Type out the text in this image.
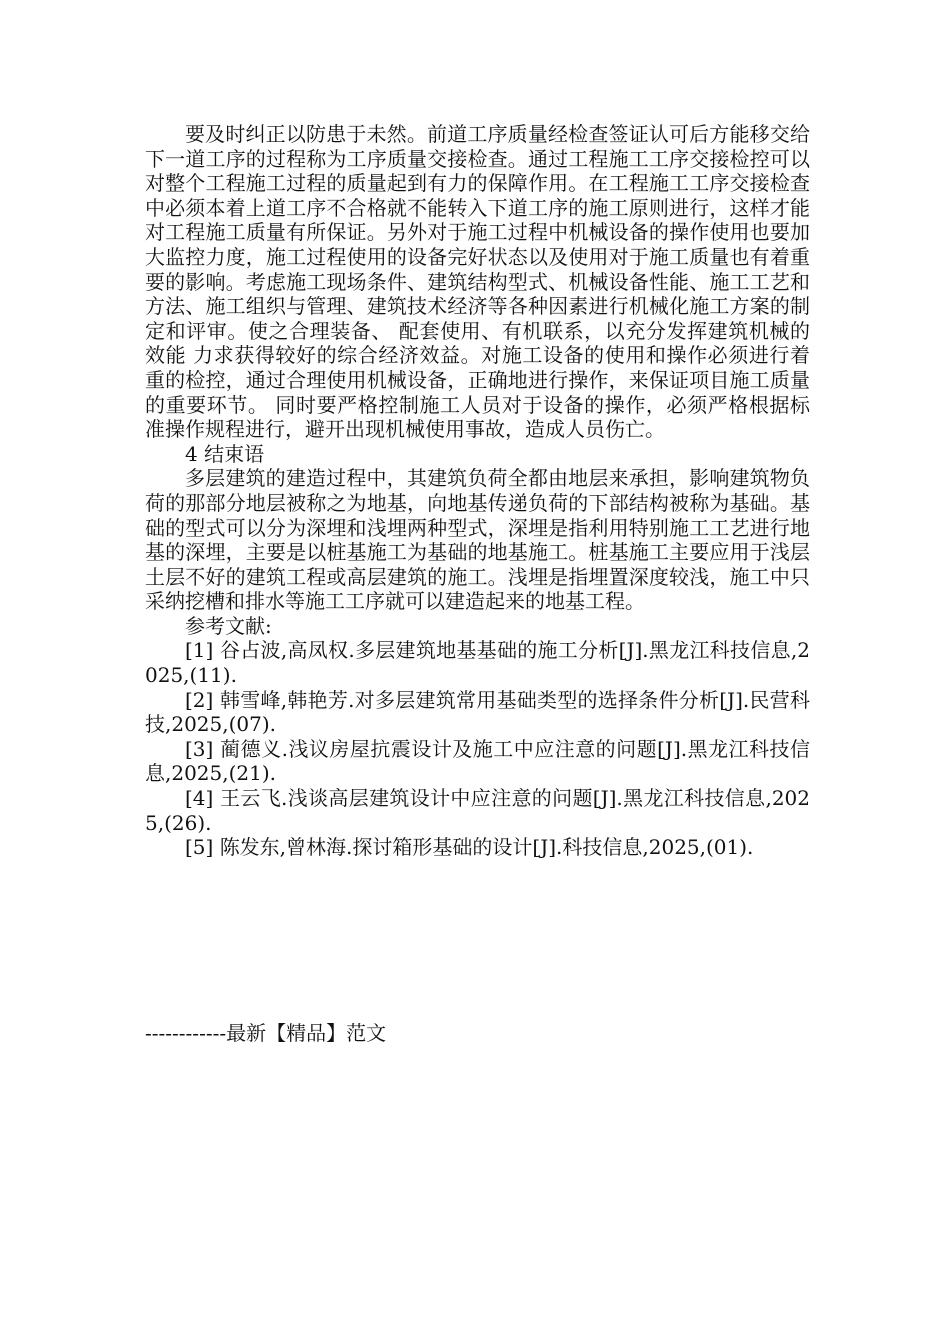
要及时纠正以防患于未然。前道工序质量经检查签证认可后方能移交给下一道工序的过程称为工序质量交接检查。通过工程施工工序交接检控可以对整个工程施工过程的质量起到有力的保障作用。在工程施工工序交接检查中必须本着上道工序不合格就不能转入下道工序的施工原则进行，这样才能对工程施工质量有所保证。另外对于施工过程中机械设备的操作使用也要加大监控力度，施工过程使用的设备完好状态以及使用对于施工质量也有着重要的影响。考虑施工现场条件、建筑结构型式、机械设备性能、施工工艺和方法、施工组织与管理、建筑技术经济等各种因素进行机械化施工方案的制定和评审。使之合理装备、 配套使用、有机联系，以充分发挥建筑机械的效能 力求获得较好的综合经济效益。对施工设备的使用和操作必须进行着重的检控，通过合理使用机械设备，正确地进行操作，来保证项目施工质量的重要环节。 同时要严格控制施工人员对于设备的操作，必须严格根据标准操作规程进行，避开出现机械使用事故，造成人员伤亡。

4 结束语

多层建筑的建造过程中，其建筑负荷全都由地层来承担，影响建筑物负荷的那部分地层被称之为地基，向地基传递负荷的下部结构被称为基础。基础的型式可以分为深埋和浅埋两种型式，深埋是指利用特别施工工艺进行地基的深埋，主要是以桩基施工为基础的地基施工。桩基施工主要应用于浅层土层不好的建筑工程或高层建筑的施工。浅埋是指埋置深度较浅，施工中只采纳挖槽和排水等施工工序就可以建造起来的地基工程。

参考文献:

[1] 谷占波,高凤权.多层建筑地基基础的施工分析[J].黑龙江科技信息,2025,(11).

[2] 韩雪峰,韩艳芳.对多层建筑常用基础类型的选择条件分析[J].民营科技,2025,(07).

[3] 蔺德义.浅议房屋抗震设计及施工中应注意的问题[J].黑龙江科技信息,2025,(21).

[4] 王云飞.浅谈高层建筑设计中应注意的问题[J].黑龙江科技信息,2025,(26).

[5] 陈发东,曾林海.探讨箱形基础的设计[J].科技信息,2025,(01).

------------最新【精品】范文
